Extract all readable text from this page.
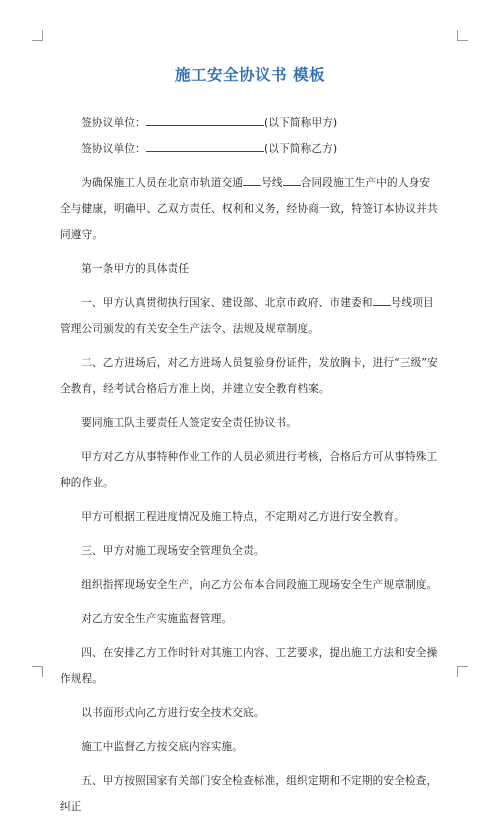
施工安全协议书 模板

签协议单位：	(以下简称甲方)

签协议单位：	(以下简称乙方)

为确保施工人员在北京市轨道交通 号线 合同段施工生产中的人身安全与健康，明确甲、乙双方责任、权利和义务，经协商一致，特签订本协议并共同遵守。

第一条甲方的具体责任

一、甲方认真贯彻执行国家、建设部、北京市政府、市建委和 号线项目管理公司颁发的有关安全生产法令、法规及规章制度。

二、乙方进场后，对乙方进场人员复验身份证件，发放胸卡，进行“三级”安全教育，经考试合格后方准上岗，并建立安全教育档案。

要同施工队主要责任人签定安全责任协议书。

甲方对乙方从事特种作业工作的人员必须进行考核，合格后方可从事特殊工种的作业。

甲方可根据工程进度情况及施工特点，不定期对乙方进行安全教育。

三、甲方对施工现场安全管理负全责。

组织指挥现场安全生产，向乙方公布本合同段施工现场安全生产规章制度。

对乙方安全生产实施监督管理。

四、在安排乙方工作时针对其施工内容、工艺要求，提出施工方法和安全操作规程。

以书面形式向乙方进行安全技术交底。

施工中监督乙方按交底内容实施。

五、甲方按照国家有关部门安全检查标准，组织定期和不定期的安全检查，纠正
